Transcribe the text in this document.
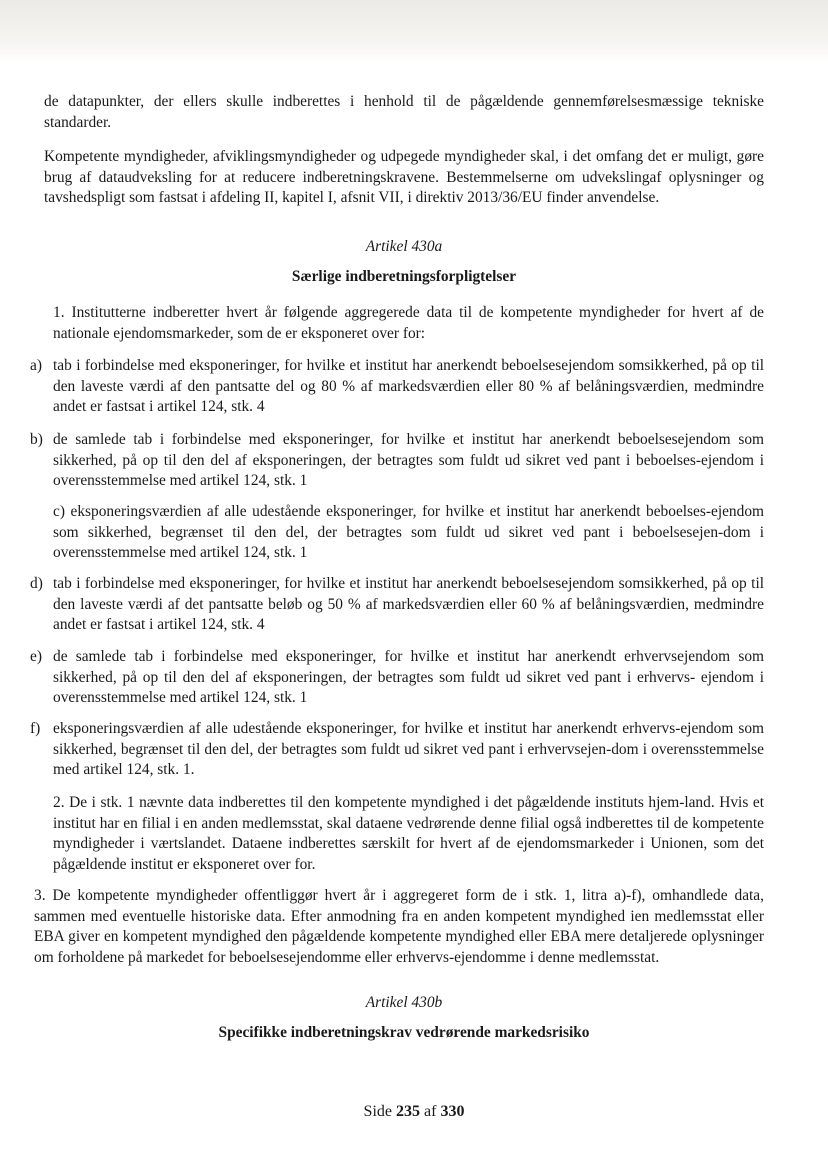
de datapunkter, der ellers skulle indberettes i henhold til de pågældende gennemførelsesmæssige tekniske standarder.

Kompetente myndigheder, afviklingsmyndigheder og udpegede myndigheder skal, i det omfang det er muligt, gøre brug af dataudveksling for at reducere indberetningskravene. Bestemmelserne om udvekslingaf oplysninger og tavshedspligt som fastsat i afdeling II, kapitel I, afsnit VII, i direktiv 2013/36/EU finder anvendelse.

Artikel 430a

Særlige indberetningsforpligtelser

1. Institutterne indberetter hvert år følgende aggregerede data til de kompetente myndigheder for hvert af de nationale ejendomsmarkeder, som de er eksponeret over for:

a) tab i forbindelse med eksponeringer, for hvilke et institut har anerkendt beboelsesejendom somsikkerhed, på op til den laveste værdi af den pantsatte del og 80 % af markedsværdien eller 80 % af belåningsværdien, medmindre andet er fastsat i artikel 124, stk. 4

b) de samlede tab i forbindelse med eksponeringer, for hvilke et institut har anerkendt beboelsesejendom som sikkerhed, på op til den del af eksponeringen, der betragtes som fuldt ud sikret ved pant i beboelses-ejendom i overensstemmelse med artikel 124, stk. 1

c) eksponeringsværdien af alle udestående eksponeringer, for hvilke et institut har anerkendt beboelses-ejendom som sikkerhed, begrænset til den del, der betragtes som fuldt ud sikret ved pant i beboelsesejen-dom i overensstemmelse med artikel 124, stk. 1

d) tab i forbindelse med eksponeringer, for hvilke et institut har anerkendt beboelsesejendom somsikkerhed, på op til den laveste værdi af det pantsatte beløb og 50 % af markedsværdien eller 60 % af belåningsværdien, medmindre andet er fastsat i artikel 124, stk. 4

e) de samlede tab i forbindelse med eksponeringer, for hvilke et institut har anerkendt erhvervsejendom som sikkerhed, på op til den del af eksponeringen, der betragtes som fuldt ud sikret ved pant i erhvervs- ejendom i overensstemmelse med artikel 124, stk. 1

f) eksponeringsværdien af alle udestående eksponeringer, for hvilke et institut har anerkendt erhvervs-ejendom som sikkerhed, begrænset til den del, der betragtes som fuldt ud sikret ved pant i erhvervsejen-dom i overensstemmelse med artikel 124, stk. 1.

2. De i stk. 1 nævnte data indberettes til den kompetente myndighed i det pågældende instituts hjem-land. Hvis et institut har en filial i en anden medlemsstat, skal dataene vedrørende denne filial også indberettes til de kompetente myndigheder i værtslandet. Dataene indberettes særskilt for hvert af de ejendomsmarkeder i Unionen, som det pågældende institut er eksponeret over for.

3. De kompetente myndigheder offentliggør hvert år i aggregeret form de i stk. 1, litra a)-f), omhandlede data, sammen med eventuelle historiske data. Efter anmodning fra en anden kompetent myndighed ien medlemsstat eller EBA giver en kompetent myndighed den pågældende kompetente myndighed eller EBA mere detaljerede oplysninger om forholdene på markedet for beboelsesejendomme eller erhvervs-ejendomme i denne medlemsstat.

Artikel 430b

Specifikke indberetningskrav vedrørende markedsrisiko

Side 235 af 330
